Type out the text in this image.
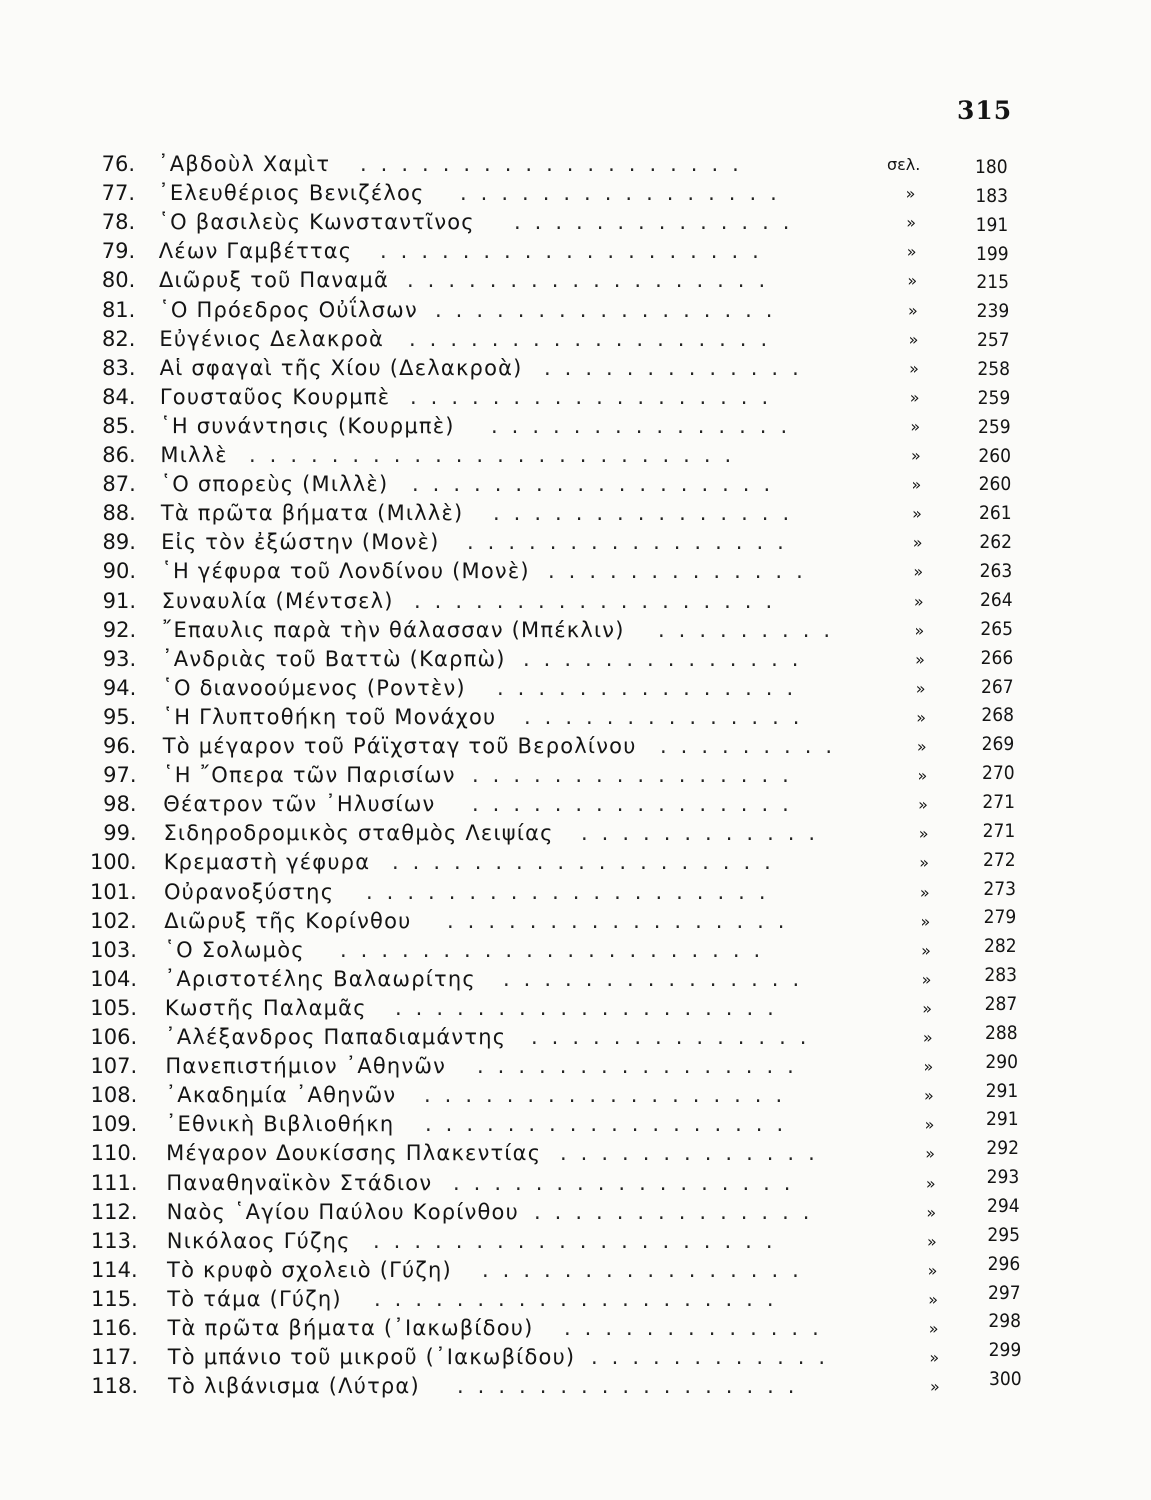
315
76. ᾿Αβδοὺλ Χαμὶτ ...................	σελ.	180
77. ᾿Ελευθέριος Βενιζέλος ................	»	183
78. ῾Ο βασιλεὺς Κωνσταντῖνος ..............	»	191
79. Λέων Γαμβέττας ...................	»	199
80. Διῶρυξ τοῦ Παναμᾶ ..................	»	215
81. ῾Ο Πρόεδρος Οὐΐλσων .................	»	239
82. Εὐγένιος Δελακροὰ ..................	»	257
83. Αἱ σφαγαὶ τῆς Χίου (Δελακροὰ) .............	»	258
84. Γουσταῦος Κουρμπὲ ..................	»	259
85. ῾Η συνάντησις (Κουρμπὲ) ...............	»	259
86. Μιλλὲ ........................	»	260
87. ῾Ο σπορεὺς (Μιλλὲ) ..................	»	260
88. Τὰ πρῶτα βήματα (Μιλλὲ) ...............	»	261
89. Εἰς τὸν ἐξώστην (Μονὲ) ................	»	262
90. ῾Η γέφυρα τοῦ Λονδίνου (Μονὲ) .............	»	263
91. Συναυλία (Μέντσελ) ..................	»	264
92. ῎Επαυλις παρὰ τὴν θάλασσαν (Μπέκλιν) .........	»	265
93. ᾿Ανδριὰς τοῦ Βαττὼ (Καρπὼ) ..............	»	266
94. ῾Ο διανοούμενος (Ροντὲν) ...............	»	267
95. ῾Η Γλυπτοθήκη τοῦ Μονάχου ..............	»	268
96. Τὸ μέγαρον τοῦ Ράϊχσταγ τοῦ Βερολίνου .........	»	269
97. ῾Η ῎Οπερα τῶν Παρισίων ................	»	270
98. Θέατρον τῶν ᾿Ηλυσίων ................	»	271
99. Σιδηροδρομικὸς σταθμὸς Λειψίας ............	»	271
100. Κρεμαστὴ γέφυρα ...................	»	272
101. Οὐρανοξύστης ....................	»	273
102. Διῶρυξ τῆς Κορίνθου .................	»	279
103. ῾Ο Σολωμὸς .....................	»	282
104. ᾿Αριστοτέλης Βαλαωρίτης ...............	»	283
105. Κωστῆς Παλαμᾶς ...................	»	287
106. ᾿Αλέξανδρος Παπαδιαμάντης ..............	»	288
107. Πανεπιστήμιον ᾿Αθηνῶν ................	»	290
108. ᾿Ακαδημία ᾿Αθηνῶν ..................	»	291
109. ᾿Εθνικὴ Βιβλιοθήκη ..................	»	291
110. Μέγαρον Δουκίσσης Πλακεντίας .............	»	292
111. Παναθηναϊκὸν Στάδιον .................	»	293
112. Ναὸς ῾Αγίου Παύλου Κορίνθου ..............	»	294
113. Νικόλαος Γύζης ....................	»	295
114. Τὸ κρυφὸ σχολειὸ (Γύζη) ................	»	296
115. Τὸ τάμα (Γύζη) ....................	»	297
116. Τὰ πρῶτα βήματα (᾿Ιακωβίδου) .............	»	298
117. Τὸ μπάνιο τοῦ μικροῦ (᾿Ιακωβίδου) ............	»	299
118. Τὸ λιβάνισμα (Λύτρα) .................	»	300
